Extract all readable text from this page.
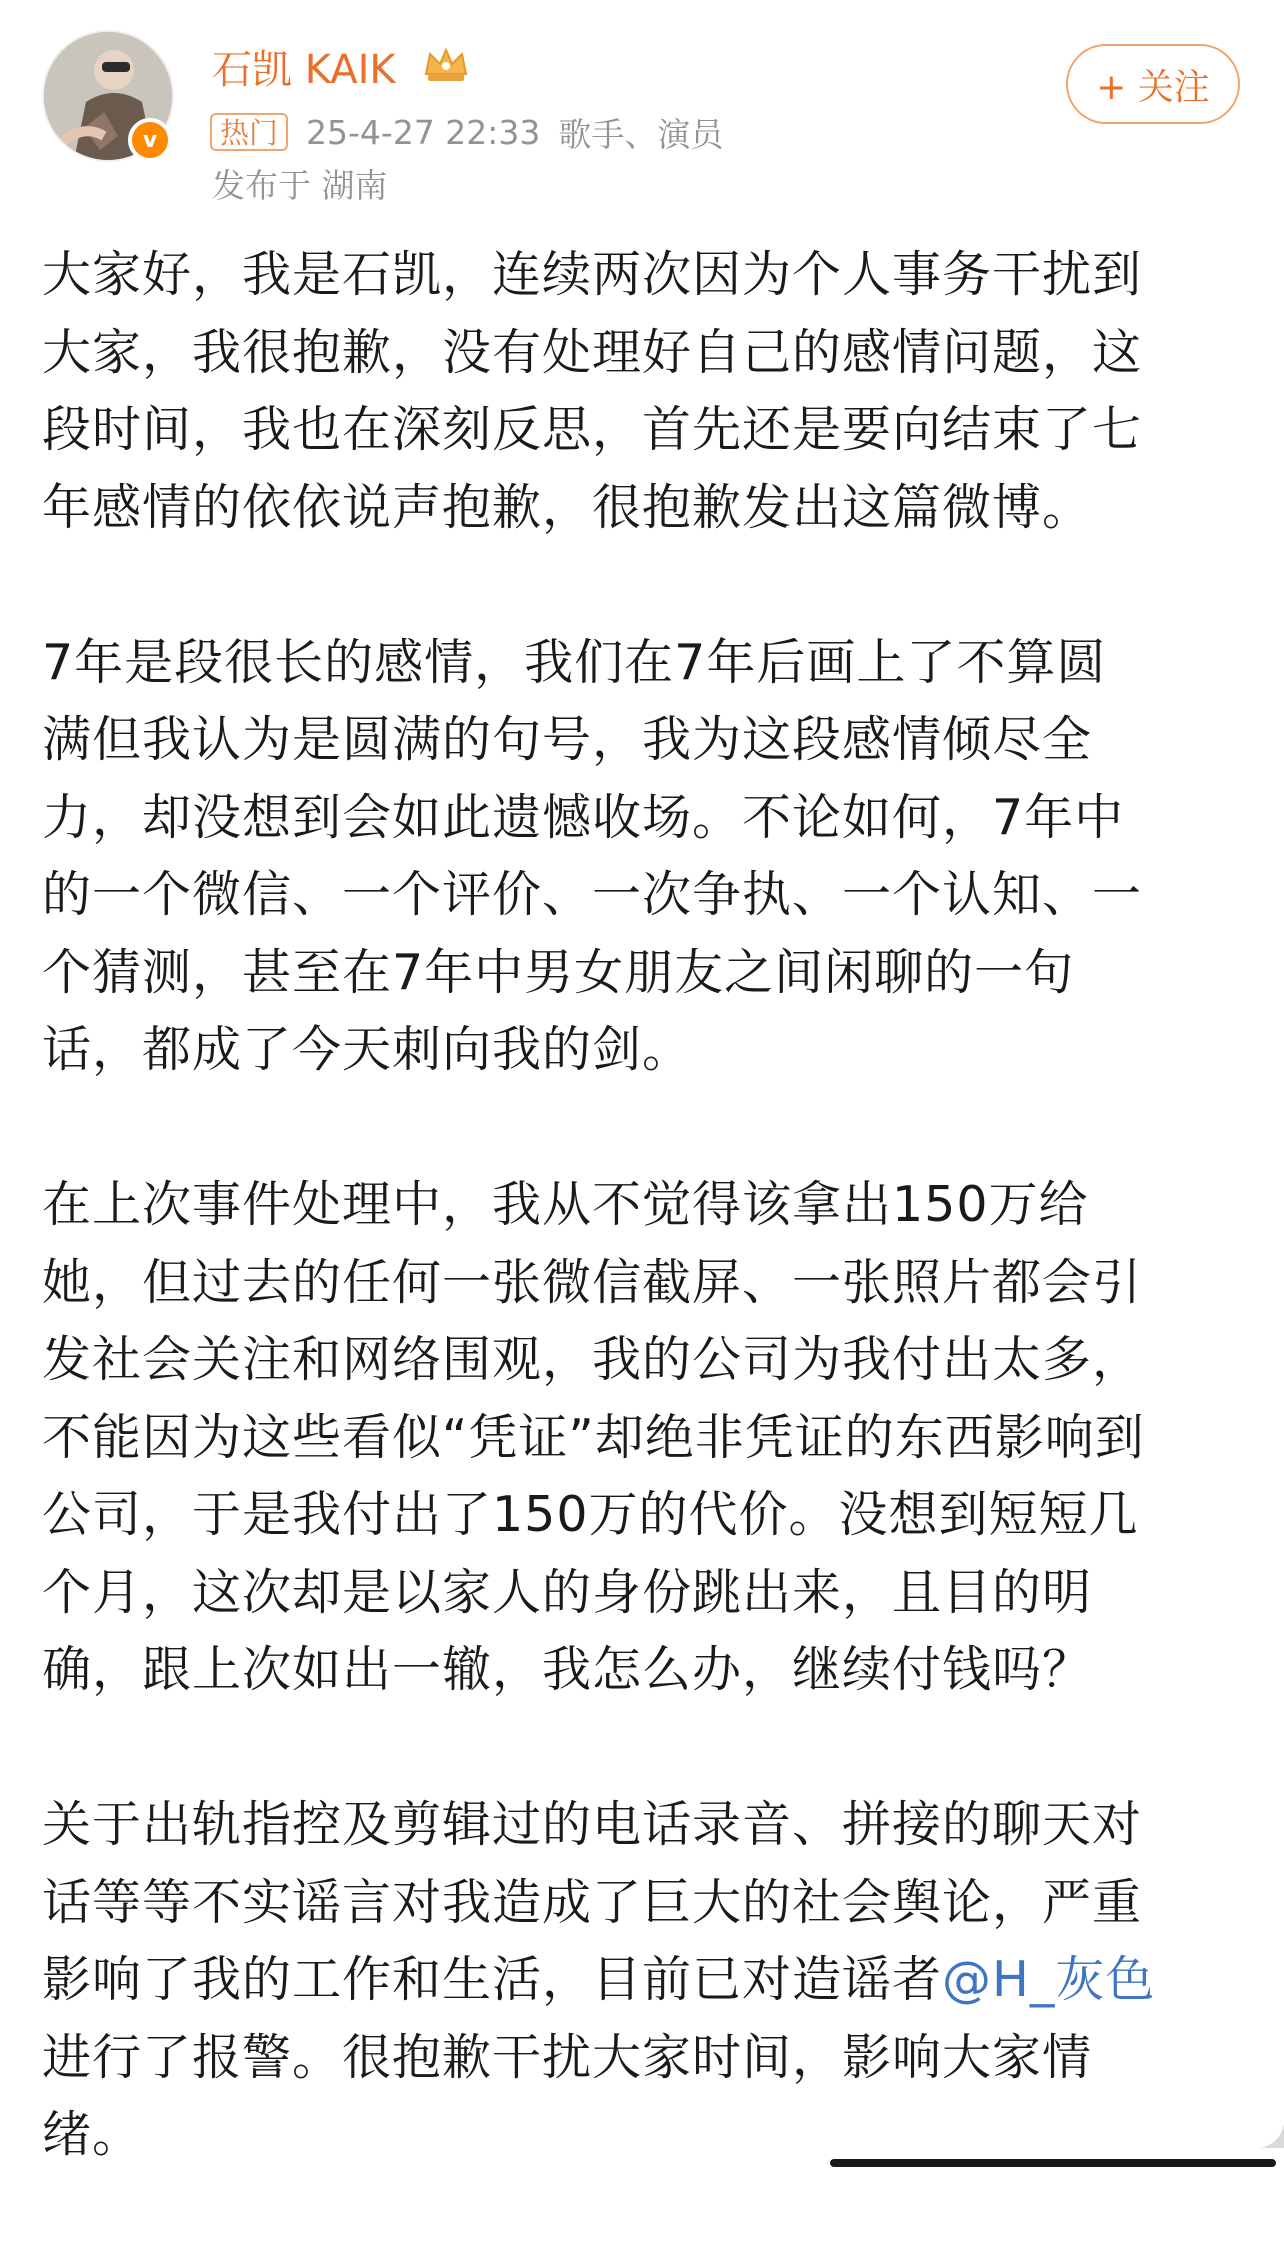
v
石凯 KAIK
热门 25-4-27 22:33 歌手、演员
发布于 湖南
+ 关注
大家好，我是石凯，连续两次因为个人事务干扰到
大家，我很抱歉，没有处理好自己的感情问题，这
段时间，我也在深刻反思，首先还是要向结束了七
年感情的依依说声抱歉，很抱歉发出这篇微博。
7年是段很长的感情，我们在7年后画上了不算圆
满但我认为是圆满的句号，我为这段感情倾尽全
力，却没想到会如此遗憾收场。不论如何，7年中
的一个微信、一个评价、一次争执、一个认知、一
个猜测，甚至在7年中男女朋友之间闲聊的一句
话，都成了今天刺向我的剑。
在上次事件处理中，我从不觉得该拿出150万给
她，但过去的任何一张微信截屏、一张照片都会引
发社会关注和网络围观，我的公司为我付出太多，
不能因为这些看似“凭证”却绝非凭证的东西影响到
公司，于是我付出了150万的代价。没想到短短几
个月，这次却是以家人的身份跳出来，且目的明
确，跟上次如出一辙，我怎么办，继续付钱吗？
关于出轨指控及剪辑过的电话录音、拼接的聊天对
话等等不实谣言对我造成了巨大的社会舆论，严重
影响了我的工作和生活，目前已对造谣者@H_灰色
进行了报警。很抱歉干扰大家时间，影响大家情
绪。
